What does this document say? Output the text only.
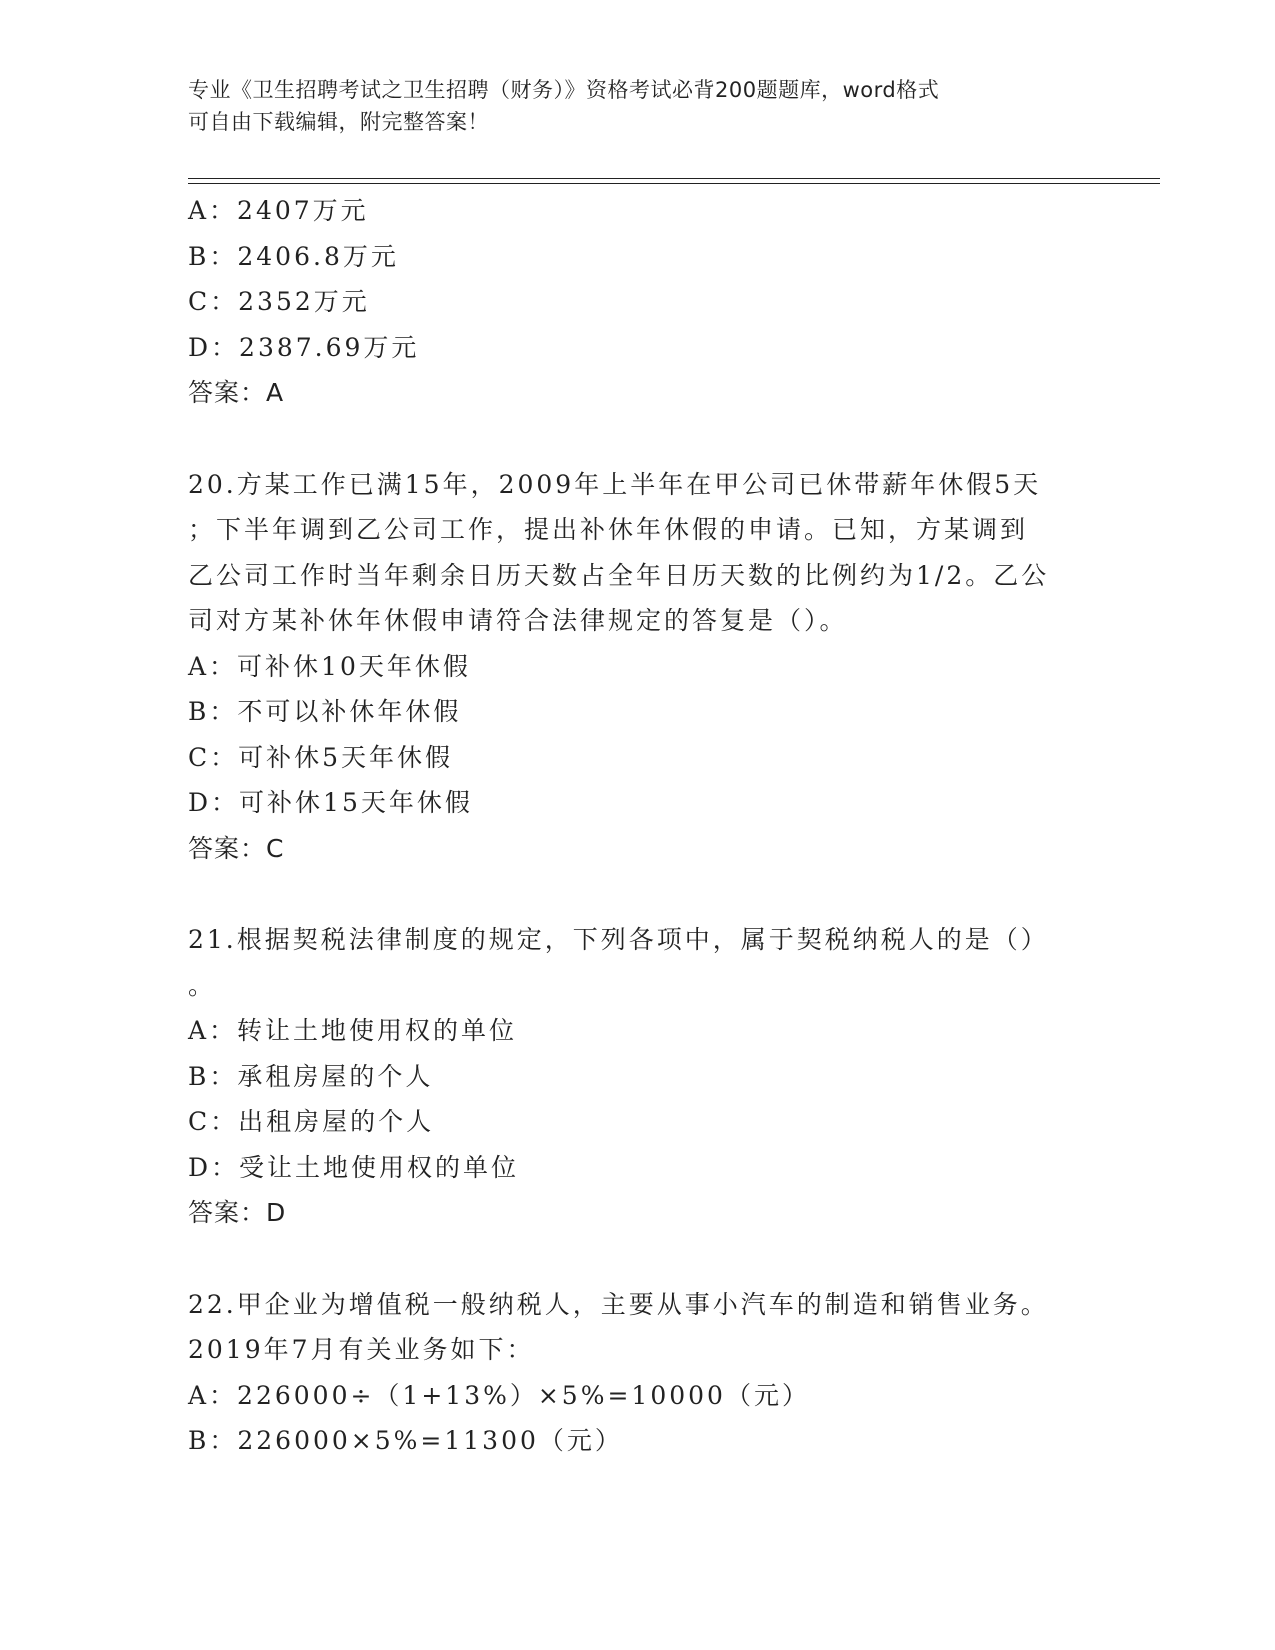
专业《卫生招聘考试之卫生招聘（财务）》资格考试必背200题题库，word格式
可自由下载编辑，附完整答案！
A：2407万元
B：2406.8万元
C：2352万元
D：2387.69万元
答案：A
20.方某工作已满15年，2009年上半年在甲公司已休带薪年休假5天
；下半年调到乙公司工作，提出补休年休假的申请。已知，方某调到
乙公司工作时当年剩余日历天数占全年日历天数的比例约为1/2。乙公
司对方某补休年休假申请符合法律规定的答复是（）。
A：可补休10天年休假
B：不可以补休年休假
C：可补休5天年休假
D：可补休15天年休假
答案：C
21.根据契税法律制度的规定，下列各项中，属于契税纳税人的是（）
。
A：转让土地使用权的单位
B：承租房屋的个人
C：出租房屋的个人
D：受让土地使用权的单位
答案：D
22.甲企业为增值税一般纳税人，主要从事小汽车的制造和销售业务。
2019年7月有关业务如下：
A：226000÷（1+13%）×5%=10000（元）
B：226000×5%=11300（元）
